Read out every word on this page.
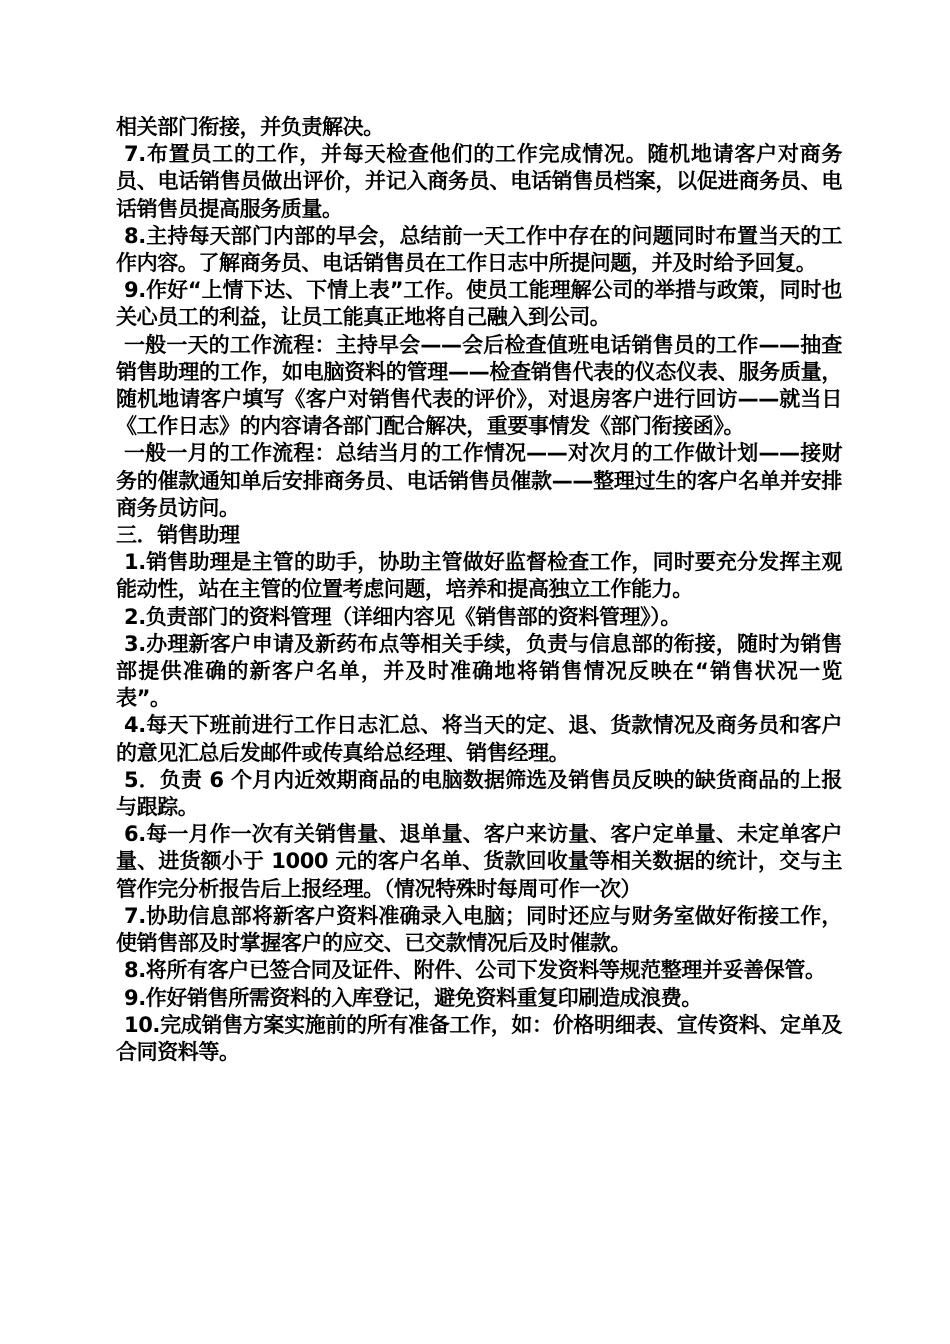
相关部门衔接，并负责解决。

7.布置员工的工作，并每天检查他们的工作完成情况。随机地请客户对商务员、电话销售员做出评价，并记入商务员、电话销售员档案，以促进商务员、电话销售员提高服务质量。

8.主持每天部门内部的早会，总结前一天工作中存在的问题同时布置当天的工作内容。了解商务员、电话销售员在工作日志中所提问题，并及时给予回复。

9.作好“上情下达、下情上表”工作。使员工能理解公司的举措与政策，同时也关心员工的利益，让员工能真正地将自己融入到公司。

一般一天的工作流程：主持早会——会后检查值班电话销售员的工作——抽查销售助理的工作，如电脑资料的管理——检查销售代表的仪态仪表、服务质量，随机地请客户填写《客户对销售代表的评价》，对退房客户进行回访——就当日《工作日志》的内容请各部门配合解决，重要事情发《部门衔接函》。

一般一月的工作流程：总结当月的工作情况——对次月的工作做计划——接财务的催款通知单后安排商务员、电话销售员催款——整理过生的客户名单并安排商务员访问。

三．销售助理

1.销售助理是主管的助手，协助主管做好监督检查工作，同时要充分发挥主观能动性，站在主管的位置考虑问题，培养和提高独立工作能力。

2.负责部门的资料管理（详细内容见《销售部的资料管理》）。

3.办理新客户申请及新药布点等相关手续，负责与信息部的衔接，随时为销售部提供准确的新客户名单，并及时准确地将销售情况反映在“销售状况一览表”。

4.每天下班前进行工作日志汇总、将当天的定、退、货款情况及商务员和客户的意见汇总后发邮件或传真给总经理、销售经理。

5．负责 6 个月内近效期商品的电脑数据筛选及销售员反映的缺货商品的上报与跟踪。

6.每一月作一次有关销售量、退单量、客户来访量、客户定单量、未定单客户量、进货额小于 1000 元的客户名单、货款回收量等相关数据的统计，交与主管作完分析报告后上报经理。（情况特殊时每周可作一次）

7.协助信息部将新客户资料准确录入电脑；同时还应与财务室做好衔接工作，使销售部及时掌握客户的应交、已交款情况后及时催款。

8.将所有客户已签合同及证件、附件、公司下发资料等规范整理并妥善保管。

9.作好销售所需资料的入库登记，避免资料重复印刷造成浪费。

10.完成销售方案实施前的所有准备工作，如：价格明细表、宣传资料、定单及合同资料等。
